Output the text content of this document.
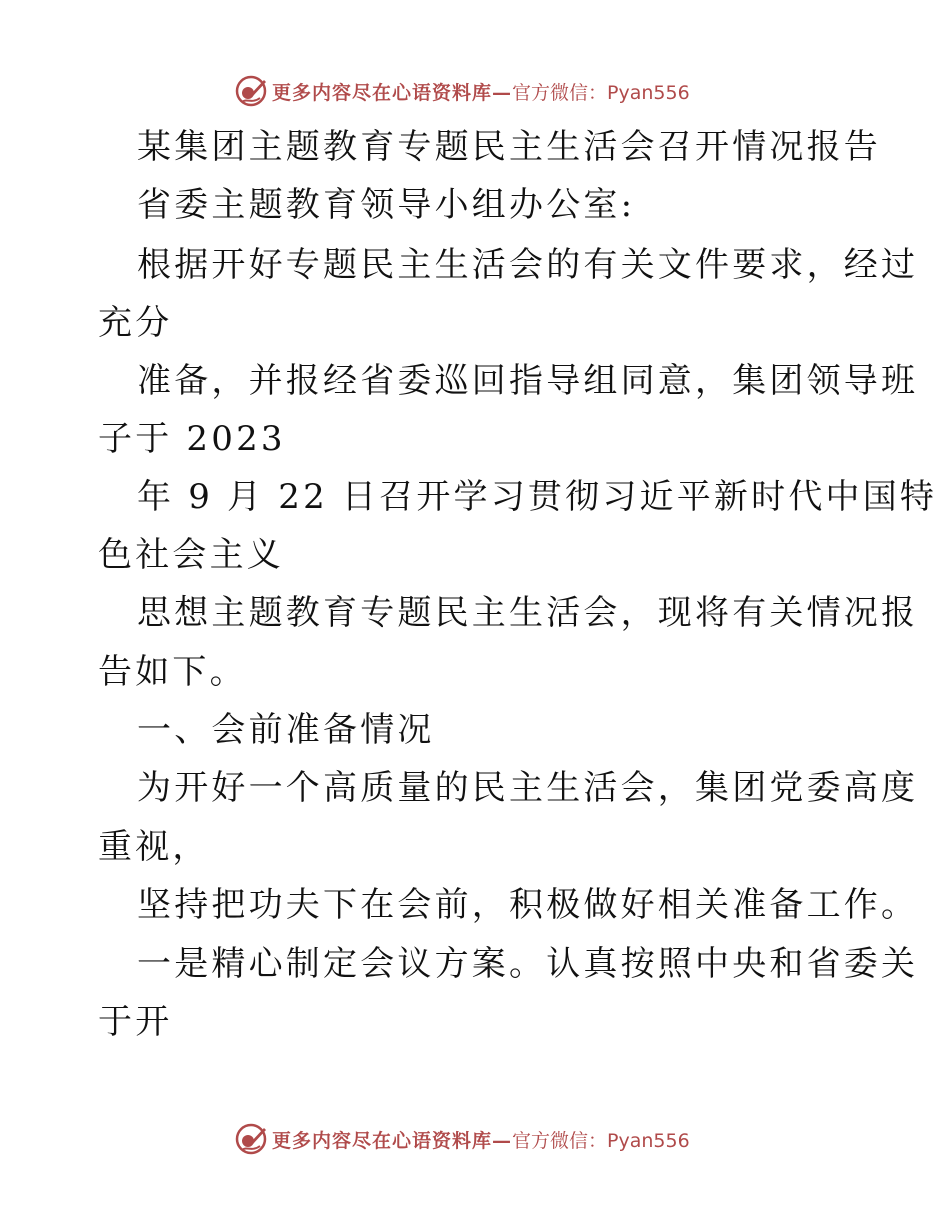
更多内容尽在心语资料库— 官方微信：Pyan556
某集团主题教育专题民主生活会召开情况报告
省委主题教育领导小组办公室:
根据开好专题民主生活会的有关文件要求，经过
充分
准备，并报经省委巡回指导组同意，集团领导班
子于 2023
年 9 月 22 日召开学习贯彻习近平新时代中国特
色社会主义
思想主题教育专题民主生活会，现将有关情况报
告如下。
一、会前准备情况
为开好一个高质量的民主生活会，集团党委高度
重视，
坚持把功夫下在会前，积极做好相关准备工作。
一是精心制定会议方案。认真按照中央和省委关
于开
更多内容尽在心语资料库— 官方微信：Pyan556
